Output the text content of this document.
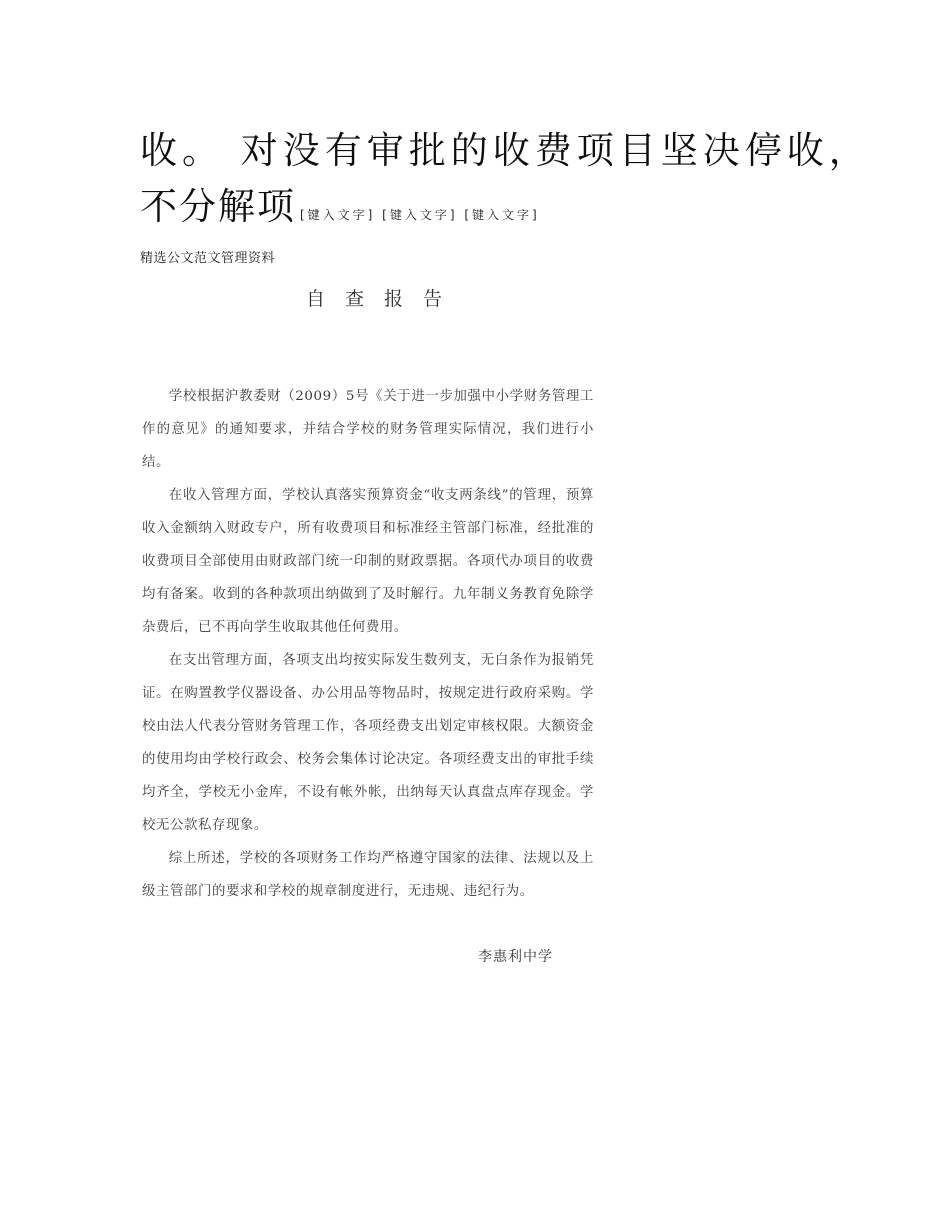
收。 对没有审批的收费项目坚决停收，
不分解项 [键入文字] [键入文字] [键入文字]
精选公文范文管理资料
自查报告

学校根据沪教委财（2009）5号《关于进一步加强中小学财务管理工作的意见》的通知要求，并结合学校的财务管理实际情况，我们进行小结。

在收入管理方面，学校认真落实预算资金“收支两条线”的管理，预算收入金额纳入财政专户，所有收费项目和标准经主管部门标准，经批准的收费项目全部使用由财政部门统一印制的财政票据。各项代办项目的收费均有备案。收到的各种款项出纳做到了及时解行。九年制义务教育免除学杂费后，已不再向学生收取其他任何费用。

在支出管理方面，各项支出均按实际发生数列支，无白条作为报销凭证。在购置教学仪器设备、办公用品等物品时，按规定进行政府采购。学校由法人代表分管财务管理工作，各项经费支出划定审核权限。大额资金的使用均由学校行政会、校务会集体讨论决定。各项经费支出的审批手续均齐全，学校无小金库，不设有帐外帐，出纳每天认真盘点库存现金。学校无公款私存现象。

综上所述，学校的各项财务工作均严格遵守国家的法律、法规以及上级主管部门的要求和学校的规章制度进行，无违规、违纪行为。

李惠利中学
